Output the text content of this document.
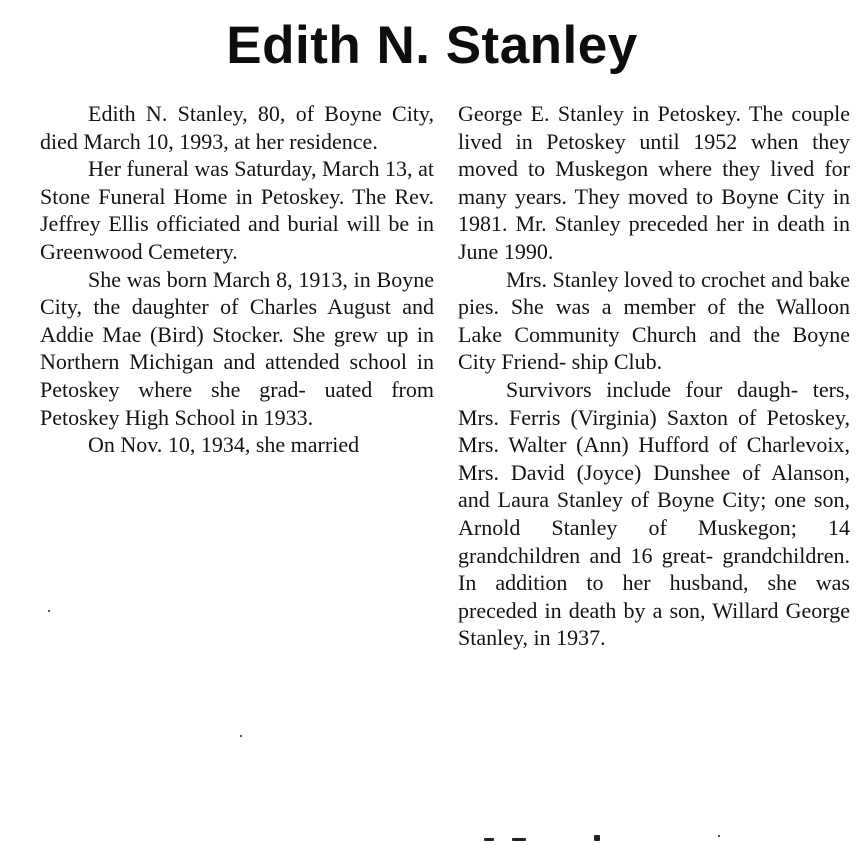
Edith N. Stanley

Edith N. Stanley, 80, of Boyne City, died March 10, 1993, at her residence.

Her funeral was Saturday, March 13, at Stone Funeral Home in Petoskey. The Rev. Jeffrey Ellis officiated and burial will be in Greenwood Cemetery.

She was born March 8, 1913, in Boyne City, the daughter of Charles August and Addie Mae (Bird) Stocker. She grew up in Northern Michigan and attended school in Petoskey where she grad- uated from Petoskey High School in 1933.

On Nov. 10, 1934, she married

George E. Stanley in Petoskey. The couple lived in Petoskey until 1952 when they moved to Muskegon where they lived for many years. They moved to Boyne City in 1981. Mr. Stanley preceded her in death in June 1990.

Mrs. Stanley loved to crochet and bake pies. She was a member of the Walloon Lake Community Church and the Boyne City Friend- ship Club.

Survivors include four daugh- ters, Mrs. Ferris (Virginia) Saxton of Petoskey, Mrs. Walter (Ann) Hufford of Charlevoix, Mrs. David (Joyce) Dunshee of Alanson, and Laura Stanley of Boyne City; one son, Arnold Stanley of Muskegon; 14 grandchildren and 16 great- grandchildren. In addition to her husband, she was preceded in death by a son, Willard George Stanley, in 1937.
